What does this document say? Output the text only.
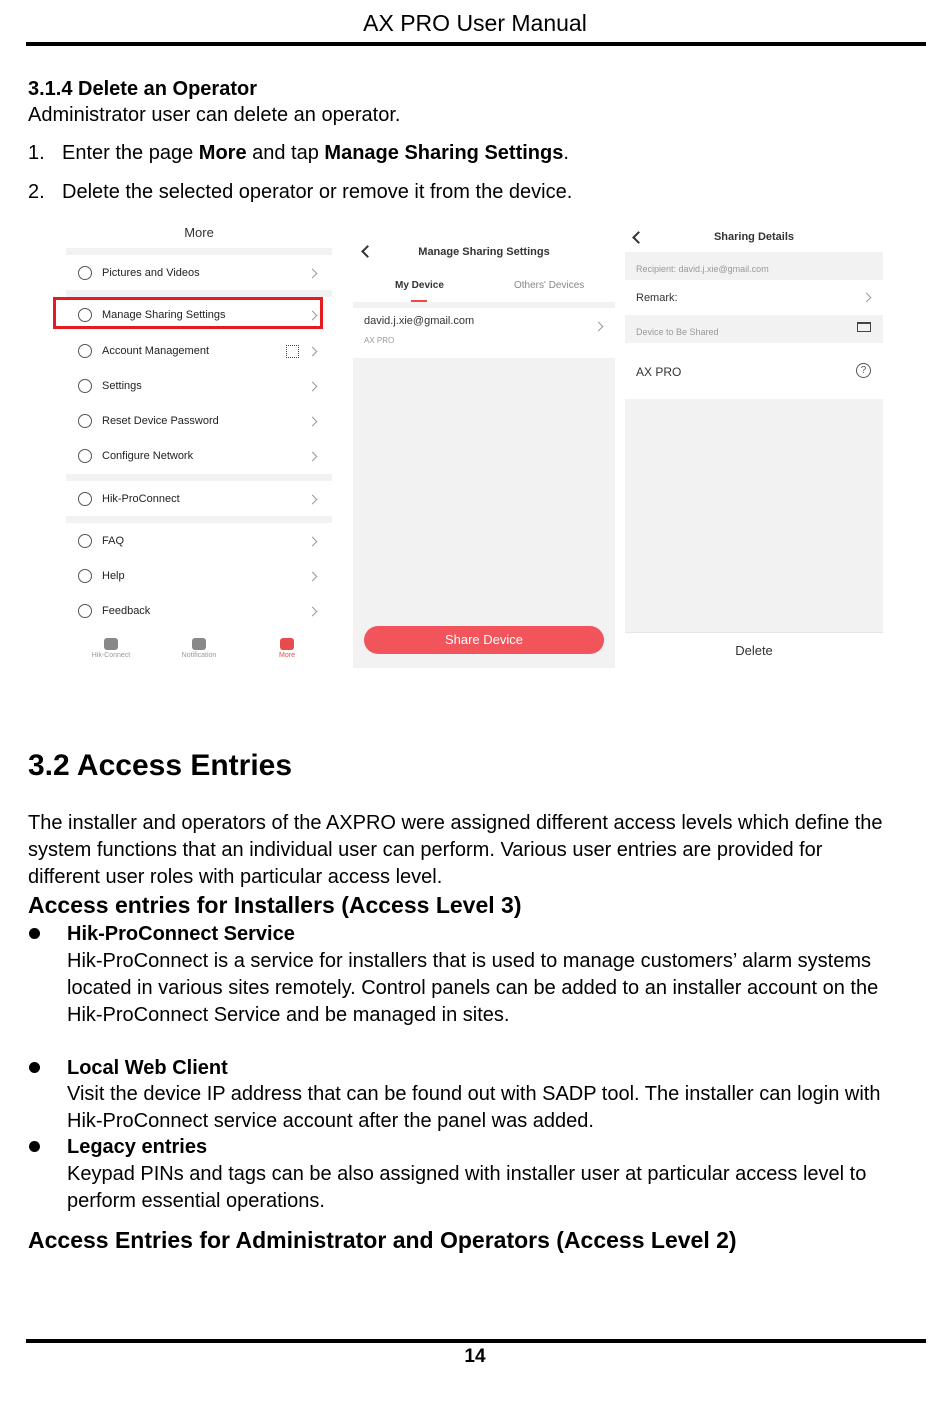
AX PRO User Manual
3.1.4 Delete an Operator
Administrator user can delete an operator.
1. Enter the page More and tap Manage Sharing Settings.
2. Delete the selected operator or remove it from the device.
More
Pictures and Videos
Manage Sharing Settings
Account Management
Settings
Reset Device Password
Configure Network
Hik-ProConnect
FAQ
Help
Feedback
Hik-Connect	Notification	More
Manage Sharing Settings
My Device	Others' Devices
david.j.xie@gmail.com
AX PRO
Share Device
Sharing Details
Recipient: david.j.xie@gmail.com
Remark:
Device to Be Shared
AX PRO	?
Delete
3.2 Access Entries
The installer and operators of the AXPRO were assigned different access levels which define the
system functions that an individual user can perform. Various user entries are provided for
different user roles with particular access level.
Access entries for Installers (Access Level 3)
Hik-ProConnect Service
Hik-ProConnect is a service for installers that is used to manage customers’ alarm systems
located in various sites remotely. Control panels can be added to an installer account on the
Hik-ProConnect Service and be managed in sites.
Local Web Client
Visit the device IP address that can be found out with SADP tool. The installer can login with
Hik-ProConnect service account after the panel was added.
Legacy entries
Keypad PINs and tags can be also assigned with installer user at particular access level to
perform essential operations.
Access Entries for Administrator and Operators (Access Level 2)
14
